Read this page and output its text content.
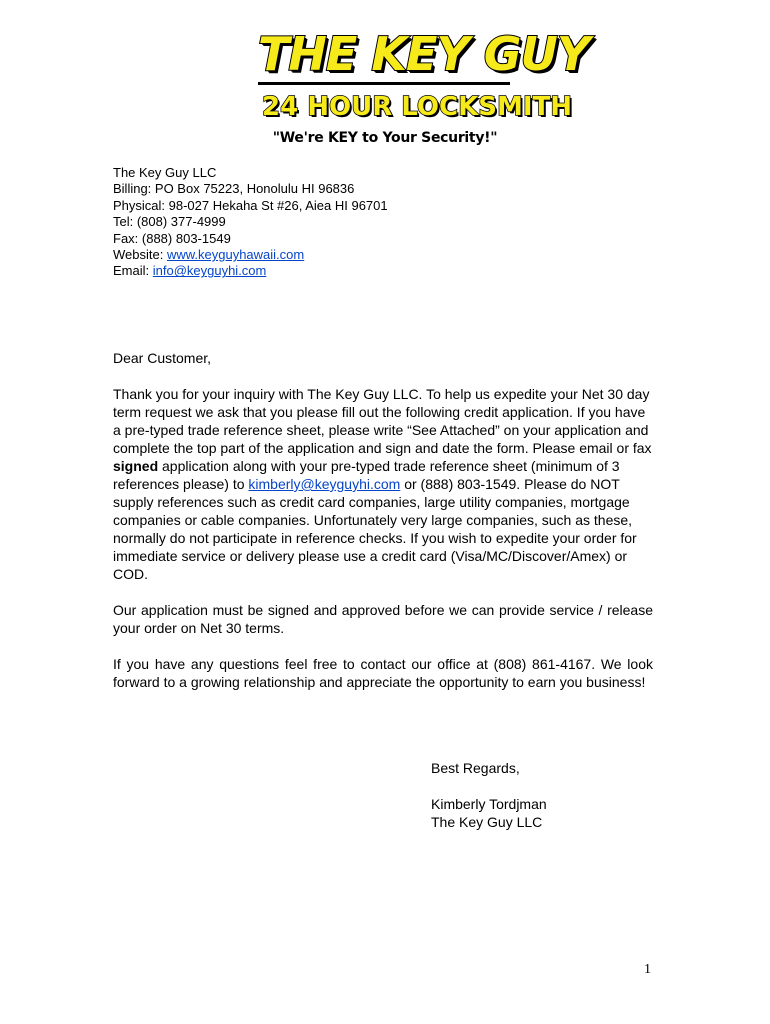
THE KEY GUY
24 HOUR LOCKSMITH
"We're KEY to Your Security!"
The Key Guy LLC
Billing: PO Box 75223, Honolulu HI 96836
Physical: 98-027 Hekaha St #26, Aiea HI 96701
Tel: (808) 377-4999
Fax: (888) 803-1549
Website: www.keyguyhawaii.com
Email: info@keyguyhi.com

Dear Customer,

Thank you for your inquiry with The Key Guy LLC. To help us expedite your Net 30 day term request we ask that you please fill out the following credit application. If you have a pre-typed trade reference sheet, please write “See Attached” on your application and complete the top part of the application and sign and date the form. Please email or fax signed application along with your pre-typed trade reference sheet (minimum of 3 references please) to kimberly@keyguyhi.com or (888) 803-1549. Please do NOT supply references such as credit card companies, large utility companies, mortgage companies or cable companies. Unfortunately very large companies, such as these, normally do not participate in reference checks. If you wish to expedite your order for immediate service or delivery please use a credit card (Visa/MC/Discover/Amex) or COD.

Our application must be signed and approved before we can provide service / release your order on Net 30 terms.

If you have any questions feel free to contact our office at (808) 861-4167. We look forward to a growing relationship and appreciate the opportunity to earn you business!

Best Regards,
Kimberly Tordjman
The Key Guy LLC
1
